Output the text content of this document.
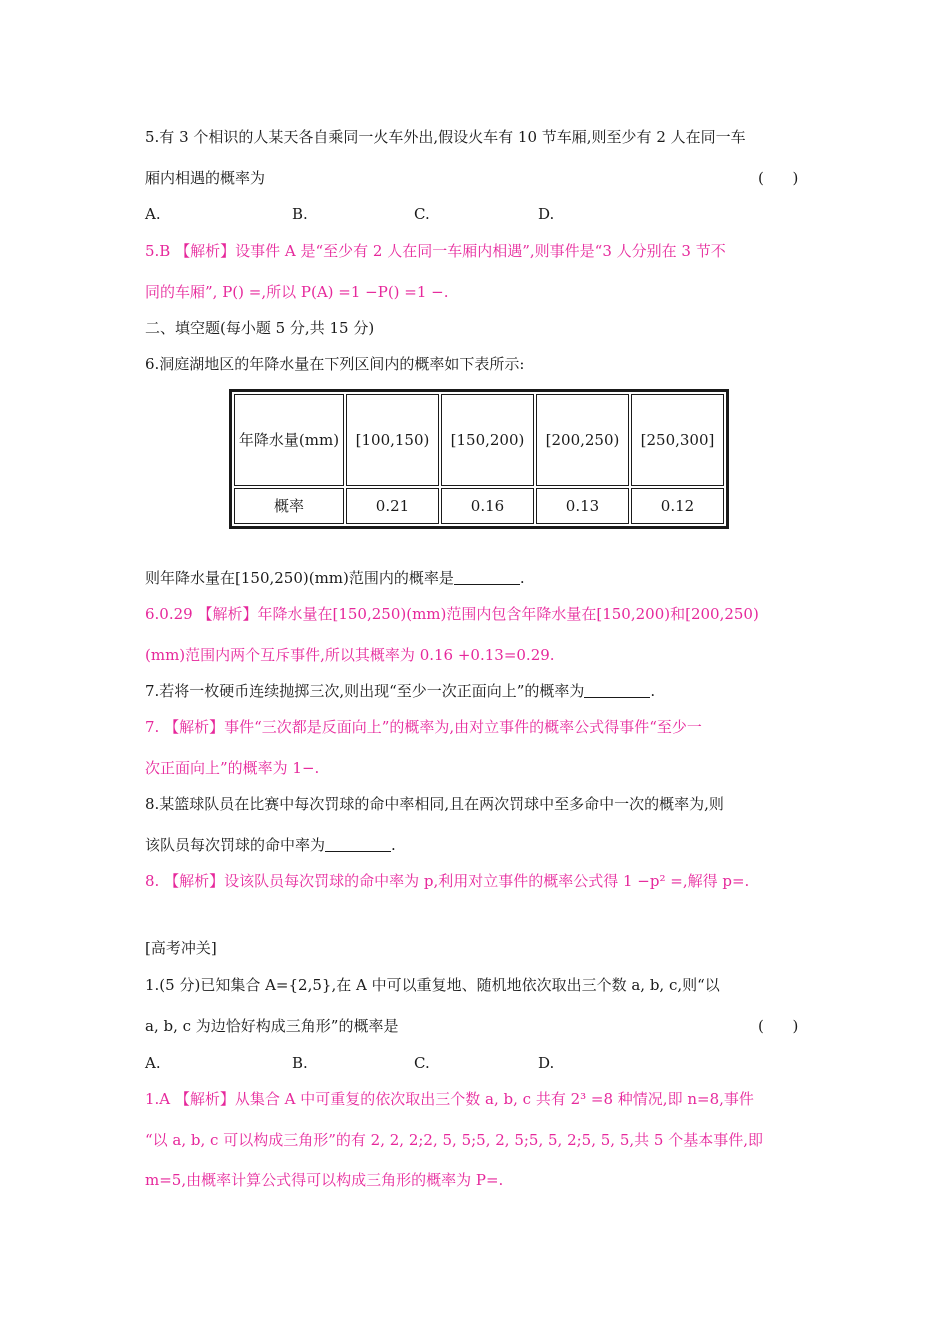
5.有 3 个相识的人某天各自乘同一火车外出,假设火车有 10 节车厢,则至少有 2 人在同一车
厢内相遇的概率为	(      )
A.	B.	C.	D.
5.B 【解析】设事件 A 是“至少有 2 人在同一车厢内相遇”,则事件是“3 人分别在 3 节不
同的车厢”, P() =,所以 P(A) =1 −P() =1 −.
二、填空题(每小题 5 分,共 15 分)
6.洞庭湖地区的年降水量在下列区间内的概率如下表所示:
年降水量(mm)	[100,150)	[150,200)	[200,250)	[250,300]
概率	0.21	0.16	0.13	0.12
则年降水量在[150,250)(mm)范围内的概率是	.
6.0.29 【解析】年降水量在[150,250)(mm)范围内包含年降水量在[150,200)和[200,250)
(mm)范围内两个互斥事件,所以其概率为 0.16 +0.13=0.29.
7.若将一枚硬币连续抛掷三次,则出现“至少一次正面向上”的概率为	.
7. 【解析】事件“三次都是反面向上”的概率为,由对立事件的概率公式得事件“至少一
次正面向上”的概率为 1−.
8.某篮球队员在比赛中每次罚球的命中率相同,且在两次罚球中至多命中一次的概率为,则
该队员每次罚球的命中率为	.
8. 【解析】设该队员每次罚球的命中率为 p,利用对立事件的概率公式得 1 −p² =,解得 p=.
[高考冲关]
1.(5 分)已知集合 A={2,5},在 A 中可以重复地、随机地依次取出三个数 a, b, c,则“以
a, b, c 为边恰好构成三角形”的概率是	(      )
A.	B.	C.	D.
1.A 【解析】从集合 A 中可重复的依次取出三个数 a, b, c 共有 2³ =8 种情况,即 n=8,事件
“以 a, b, c 可以构成三角形”的有 2, 2, 2;2, 5, 5;5, 2, 5;5, 5, 2;5, 5, 5,共 5 个基本事件,即
m=5,由概率计算公式得可以构成三角形的概率为 P=.
